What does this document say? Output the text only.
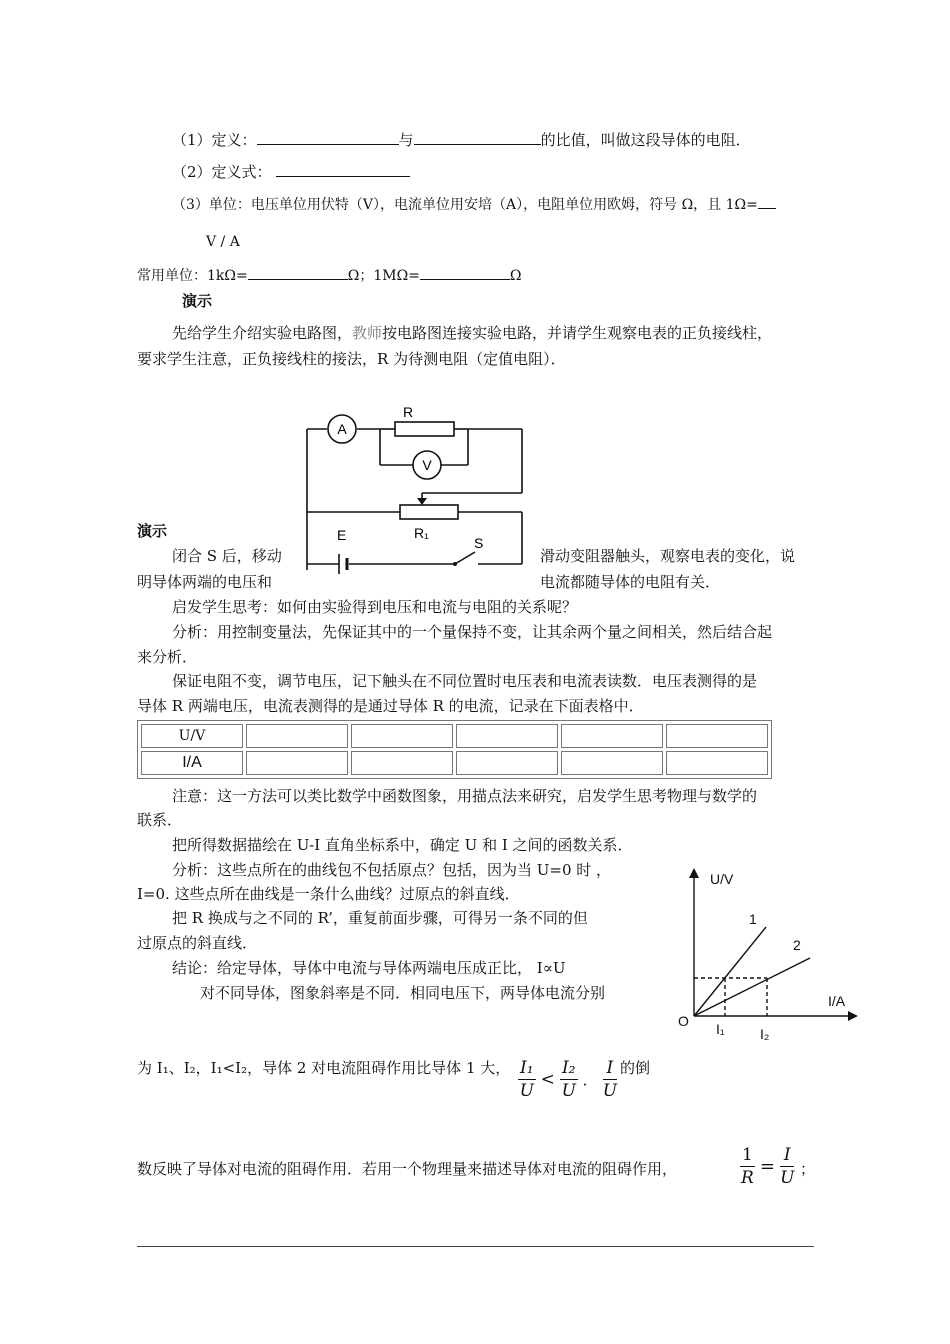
（1）定义：	与	的比值，叫做这段导体的电阻．
（2）定义式：
（3）单位：电压单位用伏特（V），电流单位用安培（A），电阻单位用欧姆，符号 Ω，且 1Ω=
V / A
常用单位：1kΩ=	Ω；1MΩ=	Ω
演示
先给学生介绍实验电路图，教师按电路图连接实验电路，并请学生观察电表的正负接线柱，
要求学生注意，正负接线柱的接法，R 为待测电阻（定值电阻）．
A
R
V
R₁
E	S
演示
闭合 S 后，移动	滑动变阻器触头，观察电表的变化，说
明导体两端的电压和	电流都随导体的电阻有关．
启发学生思考：如何由实验得到电压和电流与电阻的关系呢？
分析：用控制变量法，先保证其中的一个量保持不变，让其余两个量之间相关，然后结合起
来分析．
保证电阻不变，调节电压，记下触头在不同位置时电压表和电流表读数．电压表测得的是
导体 R 两端电压，电流表测得的是通过导体 R 的电流，记录在下面表格中．
U/V					
I/A					
注意：这一方法可以类比数学中函数图象，用描点法来研究，启发学生思考物理与数学的
联系．
把所得数据描绘在 U-I 直角坐标系中，确定 U 和 I 之间的函数关系．
分析：这些点所在的曲线包不包括原点？包括，因为当 U=0 时 ，
I=0. 这些点所在曲线是一条什么曲线？过原点的斜直线．
把 R 换成与之不同的 R’，重复前面步骤，可得另一条不同的但
过原点的斜直线．
结论：给定导体，导体中电流与导体两端电压成正比， I∝U
对不同导体，图象斜率是不同．相同电压下，两导体电流分别
U/V
I/A
O
1
2
I₁	I₂
为 I₁、I₂，I₁<I₂，导体 2 对电流阻碍作用比导体 1 大， $\frac{\text{I₁}}{U} < \frac{\text{I₂}}{U}$ ． $\frac{I}{U}$ 的倒
数反映了导体对电流的阻碍作用．若用一个物理量来描述导体对电流的阻碍作用，	$\frac{1}{R} = \frac{I}{U}$ ；
